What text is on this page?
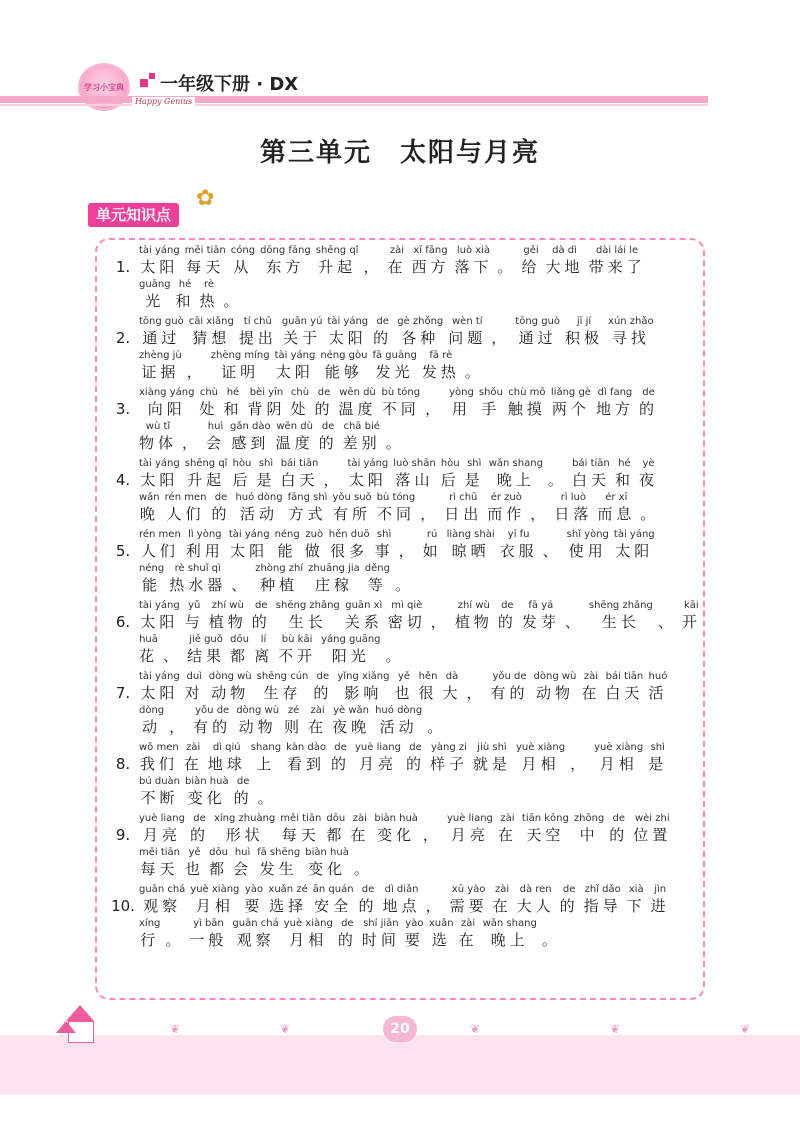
学习小宝典 一年级下册 · DX
Happy Genius
第三单元　太阳与月亮
单元知识点
✿
1.
tài yáng
太阳
měi tiān
每天
cóng
从
dōng fāng
东方
shēng qǐ
升起 ，
zài
在
xī fāng
西方
luò xià
落下 。
gěi
给
dà dì
大地
dài lái le
带来了
guāng
光
hé
和
rè
热 。
2.
tōng guò
通过
cāi xiǎng
猜想
tí chū
提出
guān yú
关于
tài yáng
太阳
de
的
gè zhǒng
各种
wèn tí
问题 ，
tōng guò
通过
jī jí
积极
xún zhǎo
寻找
zhèng jù
证据 ，
zhèng míng
证明
tài yáng
太阳
néng gòu
能够
fā guāng
发光
fā rè
发热 。
3.
xiàng yáng
向阳
chù
处
hé
和
bèi yīn
背阴
chù
处
de
的
wēn dù
温度
bù tóng
不同 ，
yòng
用
shǒu
手
chù mō
触摸
liǎng gè
两个
dì fang
地方
de
的
wù tǐ
物体 ，
huì
会
gǎn dào
感到
wēn dù
温度
de
的
chā bié
差别 。
4.
tài yáng
太阳
shēng qǐ
升起
hòu
后
shì
是
bái tiān
白天 ，
tài yáng
太阳
luò shān
落山
hòu
后
shì
是
wǎn shang
晚上 。
bái tiān
白天
hé
和
yè
夜
wǎn
晚
rén men
人们
de
的
huó dòng
活动
fāng shì
方式
yǒu suǒ
有所
bù tóng
不同 ，
rì chū
日出
ér zuò
而作 ，
rì luò
日落
ér xī
而息 。
5.
rén men
人们
lì yòng
利用
tài yáng
太阳
néng
能
zuò
做
hěn duō
很多
shì
事 ，
rú
如
liàng shài
晾晒
yī fu
衣服 、
shǐ yòng
使用
tài yáng
太阳
néng
能
rè shuǐ qì
热水器 、
zhòng zhí
种植
zhuāng jia
庄稼
děng
等 。
6.
tài yáng
太阳
yǔ
与
zhí wù
植物
de
的
shēng zhǎng
生长
guān xì
关系
mì qiè
密切 ，
zhí wù
植物
de
的
fā yá
发芽 、
shēng zhǎng
生长 、
kāi
开
huā
花 、
jiē guǒ
结果
dōu
都
lí
离
bù kāi
不开
yáng guāng
阳光 。
7.
tài yáng
太阳
duì
对
dòng wù
动物
shēng cún
生存
de
的
yǐng xiǎng
影响
yě
也
hěn
很
dà
大 ，
yǒu de
有的
dòng wù
动物
zài
在
bái tiān
白天
huó
活
dòng
动 ，
yǒu de
有的
dòng wù
动物
zé
则
zài
在
yè wǎn
夜晚
huó dòng
活动 。
8.
wǒ men
我们
zài
在
dì qiú
地球
shang
上
kàn dào
看到
de
的
yuè liang
月亮
de
的
yàng zi
样子
jiù shì
就是
yuè xiàng
月相 ，
yuè xiàng
月相
shì
是
bú duàn
不断
biàn huà
变化
de
的 。
9.
yuè liang
月亮
de
的
xíng zhuàng
形状
měi tiān
每天
dōu
都
zài
在
biàn huà
变化 ，
yuè liang
月亮
zài
在
tiān kōng
天空
zhōng
中
de
的
wèi zhi
位置
měi tiān
每天
yě
也
dōu
都
huì
会
fā shēng
发生
biàn huà
变化 。
10.
guān chá
观察
yuè xiàng
月相
yào
要
xuǎn zé
选择
ān quán
安全
de
的
dì diǎn
地点 ，
xū yào
需要
zài
在
dà ren
大人
de
的
zhǐ dǎo
指导
xià
下
jìn
进
xíng
行 。
yì bān
一般
guān chá
观察
yuè xiàng
月相
de
的
shí jiān
时间
yào
要
xuǎn
选
zài
在
wǎn shang
晚上 。
❦	❦	❦	❦	❦
20
